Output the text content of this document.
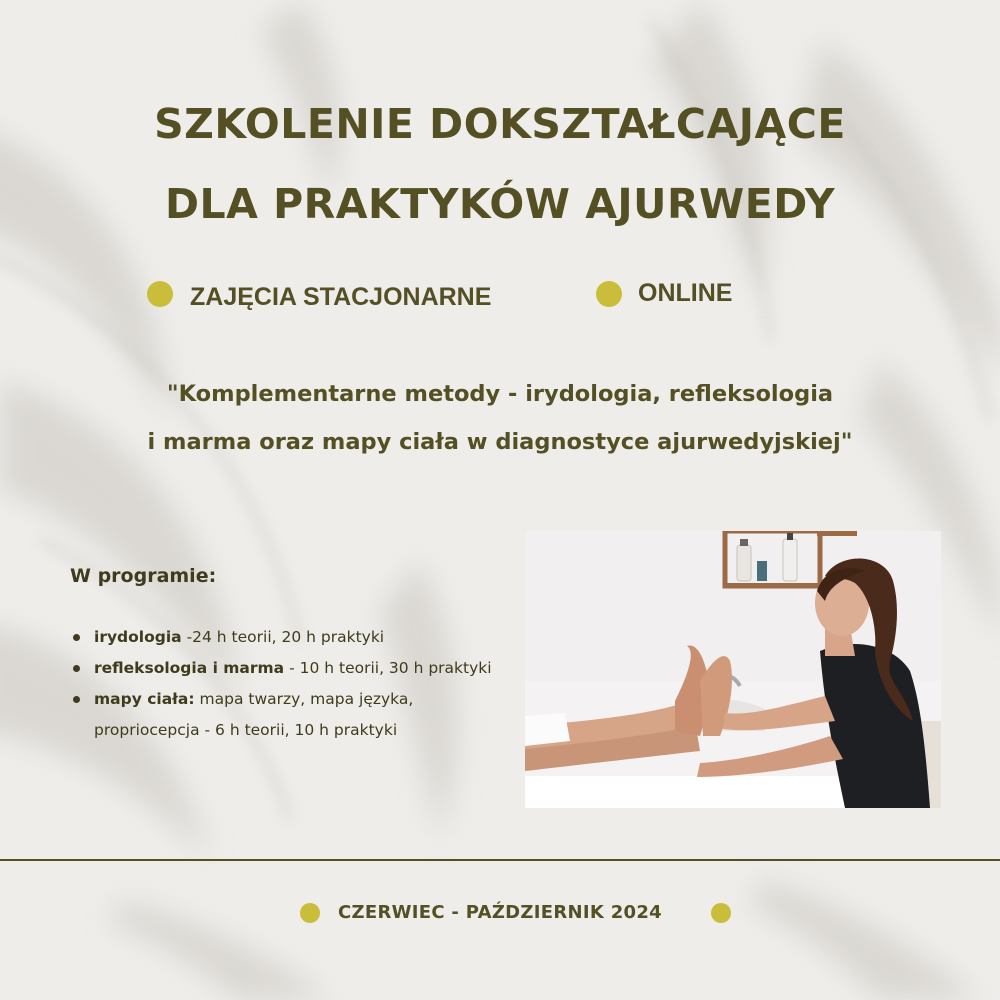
SZKOLENIE DOKSZTAŁCAJĄCE
DLA PRAKTYKÓW AJURWEDY
ZAJĘCIA STACJONARNE	ONLINE
"Komplementarne metody - irydologia, refleksologia
i marma oraz mapy ciała w diagnostyce ajurwedyjskiej"
W programie:
irydologia -24 h teorii, 20 h praktyki
refleksologia i marma - 10 h teorii, 30 h praktyki
mapy ciała: mapa twarzy, mapa języka, propriocepcja - 6 h teorii, 10 h praktyki
CZERWIEC - PAŹDZIERNIK 2024
